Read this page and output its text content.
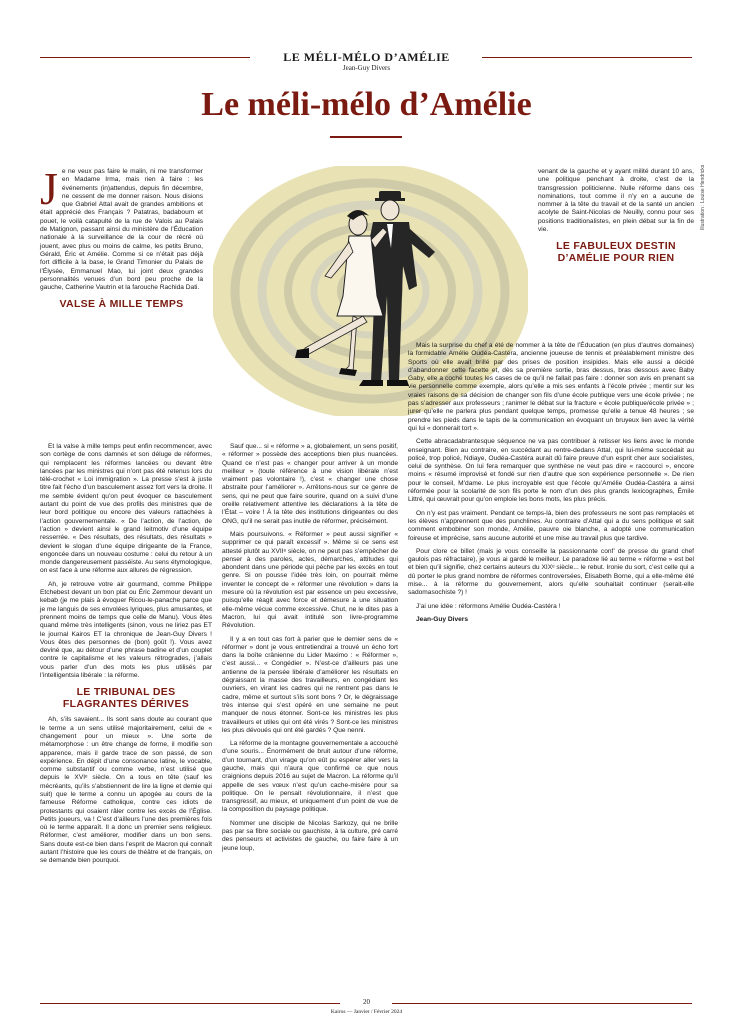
LE MÉLI-MÉLO D’AMÉLIE
Jean-Guy Divers
Le méli-mélo d’Amélie
Illustration : Louise Hendricks

Je ne veux pas faire le malin, ni me transformer en Madame Irma, mais rien à faire : les événements (in)attendus, depuis fin décembre, ne cessent de me donner raison. Nous disions que Gabriel Attal avait de grandes ambitions et était apprécié des Français ? Patatras, badaboum et pouet, le voilà catapulté de la rue de Valois au Palais de Matignon, passant ainsi du ministère de l’Éducation nationale à la surveillance de la cour de récré où jouent, avec plus ou moins de calme, les petits Bruno, Gérald, Éric et Amélie. Comme si ce n’était pas déjà fort difficile à la base, le Grand Timonier du Palais de l’Élysée, Emmanuel Mao, lui joint deux grandes personnalités venues d’un bord peu proche de la gauche, Catherine Vautrin et la farouche Rachida Dati.

VALSE À MILLE TEMPS

Et la valse à mille temps peut enfin recommencer, avec son cortège de cons damnés et son déluge de réformes, qui remplacent les réformes lancées ou devant être lancées par les ministres qui n’ont pas été retenus lors du télé-crochet « Loi immigration ». La presse s’est à juste titre fait l’écho d’un basculement assez fort vers la droite. Il me semble évident qu’on peut évoquer ce basculement autant du point de vue des profils des ministres que de leur bord politique ou encore des valeurs rattachées à l’action gouvernementale. « De l’action, de l’action, de l’action » devient ainsi le grand leitmotiv d’une équipe resserrée. « Des résultats, des résultats, des résultats » devient le slogan d’une équipe dirigeante de la France, engoncée dans un nouveau costume : celui du retour à un monde dangereusement passéiste. Au sens étymologique, on est face à une réforme aux allures de régression.

Ah, je retrouve votre air gourmand, comme Philippe Etchebest devant un bon plat ou Éric Zemmour devant un kebab (je me plais à évoquer Ricou-le-panache parce que je me languis de ses envolées lyriques, plus amusantes, et prennent moins de temps que celle de Manu). Vous êtes quand même très intelligents (sinon, vous ne liriez pas ET le journal Kairos ET la chronique de Jean-Guy Divers ! Vous êtes des personnes de (bon) goût !). Vous avez deviné que, au détour d’une phrase badine et d’un couplet contre le capitalisme et les valeurs rétrogrades, j’allais vous parler d’un des mots les plus utilisés par l’intelligentsia libérale : la réforme.

LE TRIBUNAL DES FLAGRANTES DÉRIVES

Ah, s’ils savaient... Ils sont sans doute au courant que le terme a un sens utilisé majoritairement, celui de « changement pour un mieux ». Une sorte de métamorphose : un être change de forme, il modifie son apparence, mais il garde trace de son passé, de son expérience. En dépit d’une consonance latine, le vocable, comme substantif ou comme verbe, n’est utilisé que depuis le XVIᵉ siècle. On a tous en tête (sauf les mécréants, qu’ils s’abstiennent de lire la ligne et demie qui suit) que le terme a connu un apogée au cours de la fameuse Réforme catholique, contre ces idiots de protestants qui osaient râler contre les excès de l’Église. Petits joueurs, va ! C’est d’ailleurs l’une des premières fois où le terme apparaît. Il a donc un premier sens religieux. Réformer, c’est améliorer, modifier dans un bon sens. Sans doute est-ce bien dans l’esprit de Macron qui connaît autant l’histoire que les cours de théâtre et de français, on se demande bien pourquoi.

Sauf que... si « réforme » a, globalement, un sens positif, « réformer » possède des acceptions bien plus nuancées. Quand ce n’est pas « changer pour arriver à un monde meilleur » (toute référence à une vision libérale n’est vraiment pas volontaire !), c’est « changer une chose abstraite pour l’améliorer ». Arrêtons-nous sur ce genre de sens, qui ne peut que faire sourire, quand on a suivi d’une oreille relativement attentive les déclarations à la tête de l’État – voire ! À la tête des institutions dirigeantes ou des ONG, qu’il ne serait pas inutile de réformer, précisément.

Mais poursuivons. « Réformer » peut aussi signifier « supprimer ce qui paraît excessif ». Même si ce sens est attesté plutôt au XVIIᵉ siècle, on ne peut pas s’empêcher de penser à des paroles, actes, démarches, attitudes qui abondent dans une période qui pèche par les excès en tout genre. Si on pousse l’idée très loin, on pourrait même inventer le concept de « réformer une révolution » dans la mesure où la révolution est par essence un peu excessive, puisqu’elle réagit avec force et démesure à une situation elle-même vécue comme excessive. Chut, ne le dites pas à Macron, lui qui avait intitulé son livre-programme Révolution.

Il y a en tout cas fort à parier que le dernier sens de « réformer » dont je vous entretiendrai a trouvé un écho fort dans la boîte crânienne du Lider Maximo : « Réformer », c’est aussi... « Congédier ». N’est-ce d’ailleurs pas une antienne de la pensée libérale d’améliorer les résultats en dégraissant la masse des travailleurs, en congédiant les ouvriers, en virant les cadres qui ne rentrent pas dans le cadre, même et surtout s’ils sont bons ? Or, le dégraissage très intense qui s’est opéré en une semaine ne peut manquer de nous étonner. Sont-ce les ministres les plus travailleurs et utiles qui ont été virés ? Sont-ce les ministres les plus dévoués qui ont été gardés ? Que nenni.

La réforme de la montagne gouvernementale a accouché d’une souris... Énormément de bruit autour d’une réforme, d’un tournant, d’un virage qu’on eût pu espérer aller vers la gauche, mais qui n’aura que confirmé ce que nous craignions depuis 2016 au sujet de Macron. La réforme qu’il appelle de ses vœux n’est qu’un cache-misère pour sa politique. On le pensait révolutionnaire, il n’est que transgressif, au mieux, et uniquement d’un point de vue de la composition du paysage politique.

Nommer une disciple de Nicolas Sarkozy, qui ne brille pas par sa fibre sociale ou gauchiste, à la culture, pré carré des penseurs et activistes de gauche, ou faire faire à un jeune loup,

venant de la gauche et y ayant milité durant 10 ans, une politique penchant à droite, c’est de la transgression politicienne. Nulle réforme dans ces nominations, tout comme il n’y en a aucune de nommer à la tête du travail et de la santé un ancien acolyte de Saint-Nicolas de Neuilly, connu pour ses positions traditionalistes, en plein débat sur la fin de vie.

LE FABULEUX DESTIN D’AMÉLIE POUR RIEN

Mais la surprise du chef a été de nommer à la tête de l’Éducation (en plus d’autres domaines) la formidable Amélie Oudéa-Castéra, ancienne joueuse de tennis et préalablement ministre des Sports où elle avait brillé par des prises de position insipides. Mais elle aussi a décidé d’abandonner cette facette et, dès sa première sortie, bras dessus, bras dessous avec Baby Gaby, elle a coché toutes les cases de ce qu’il ne fallait pas faire : donner son avis en prenant sa vie personnelle comme exemple, alors qu’elle a mis ses enfants à l’école privée ; mentir sur les vraies raisons de sa décision de changer son fils d’une école publique vers une école privée ; ne pas s’adresser aux professeurs ; ranimer le débat sur la fracture « école publique/école privée » ; jurer qu’elle ne parlera plus pendant quelque temps, promesse qu’elle a tenue 48 heures ; se prendre les pieds dans le tapis de la communication en évoquant un bruyeux lien avec la vérité qui lui « donnerait tort ».

Cette abracadabrantesque séquence ne va pas contribuer à retisser les liens avec le monde enseignant. Bien au contraire, en succédant au rentre-dedans Attal, qui lui-même succédait au policé, trop policé, Ndiaye, Oudéa-Castéra aurait dû faire preuve d’un esprit cher aux socialistes, celui de synthèse. On lui fera remarquer que synthèse ne veut pas dire « raccourci », encore moins « résumé improvisé et fondé sur rien d’autre que son expérience personnelle ». De rien pour le conseil, M’dame. Le plus incroyable est que l’école qu’Amélie Oudéa-Castéra a ainsi réformée pour la scolarité de son fils porte le nom d’un des plus grands lexicographes, Émile Littré, qui œuvrait pour qu’on emploie les bons mots, les plus précis.

On n’y est pas vraiment. Pendant ce temps-là, bien des professeurs ne sont pas remplacés et les élèves n’apprennent que des punchlines. Au contraire d’Attal qui a du sens politique et sait comment embobiner son monde, Amélie, pauvre oie blanche, a adopté une communication foireuse et imprécise, sans aucune autorité et une mise au travail plus que tardive.

Pour clore ce billet (mais je vous conseille la passionnante conf’ de presse du grand chef gaulois pas réfractaire), je vous ai gardé le meilleur. Le paradoxe lié au terme « réforme » est bel et bien qu’il signifie, chez certains auteurs du XIXᵉ siècle... le rebut. Ironie du sort, c’est celle qui a dû porter le plus grand nombre de réformes controversées, Élisabeth Borne, qui a elle-même été mise... à la réforme du gouvernement, alors qu’elle souhaitait continuer (serait-elle sadomasochiste ?) !

J’ai une idée : réformons Amélie Oudéa-Castéra !

Jean-Guy Divers

20
Kairos — Janvier / Février 2024
